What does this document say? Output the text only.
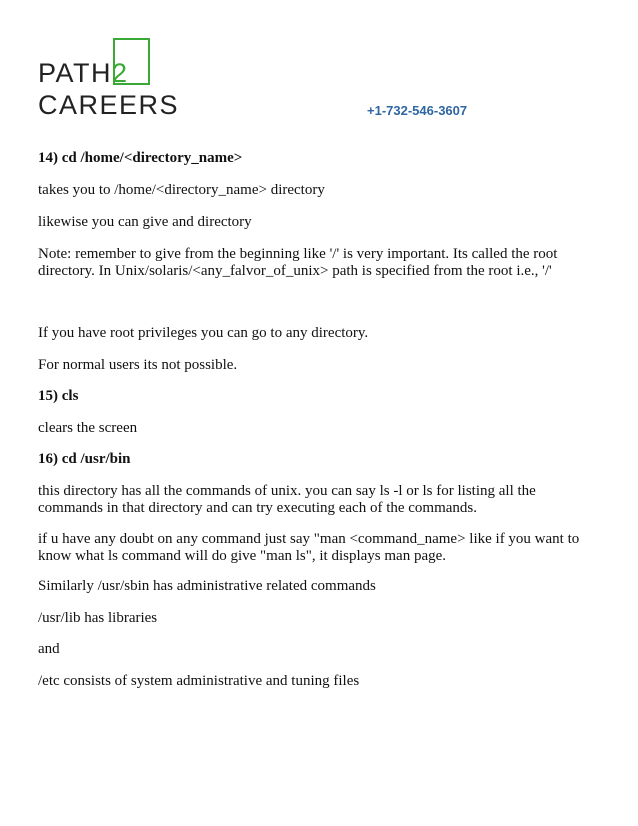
PATH2
CAREERS	+1-732-546-3607

14) cd /home/<directory_name>

takes you to /home/<directory_name> directory

likewise you can give and directory

Note: remember to give from the beginning like '/' is very important. Its called the root directory. In Unix/solaris/<any_falvor_of_unix> path is specified from the root i.e., '/'

If you have root privileges you can go to any directory.

For normal users its not possible.

15) cls

clears the screen

16) cd /usr/bin

this directory has all the commands of unix. you can say ls -l or ls for listing all the commands in that directory and can try executing each of the commands.

if u have any doubt on any command just say "man <command_name> like if you want to know what ls command will do give "man ls", it displays man page.

Similarly /usr/sbin has administrative related commands

/usr/lib has libraries

and

/etc consists of system administrative and tuning files
